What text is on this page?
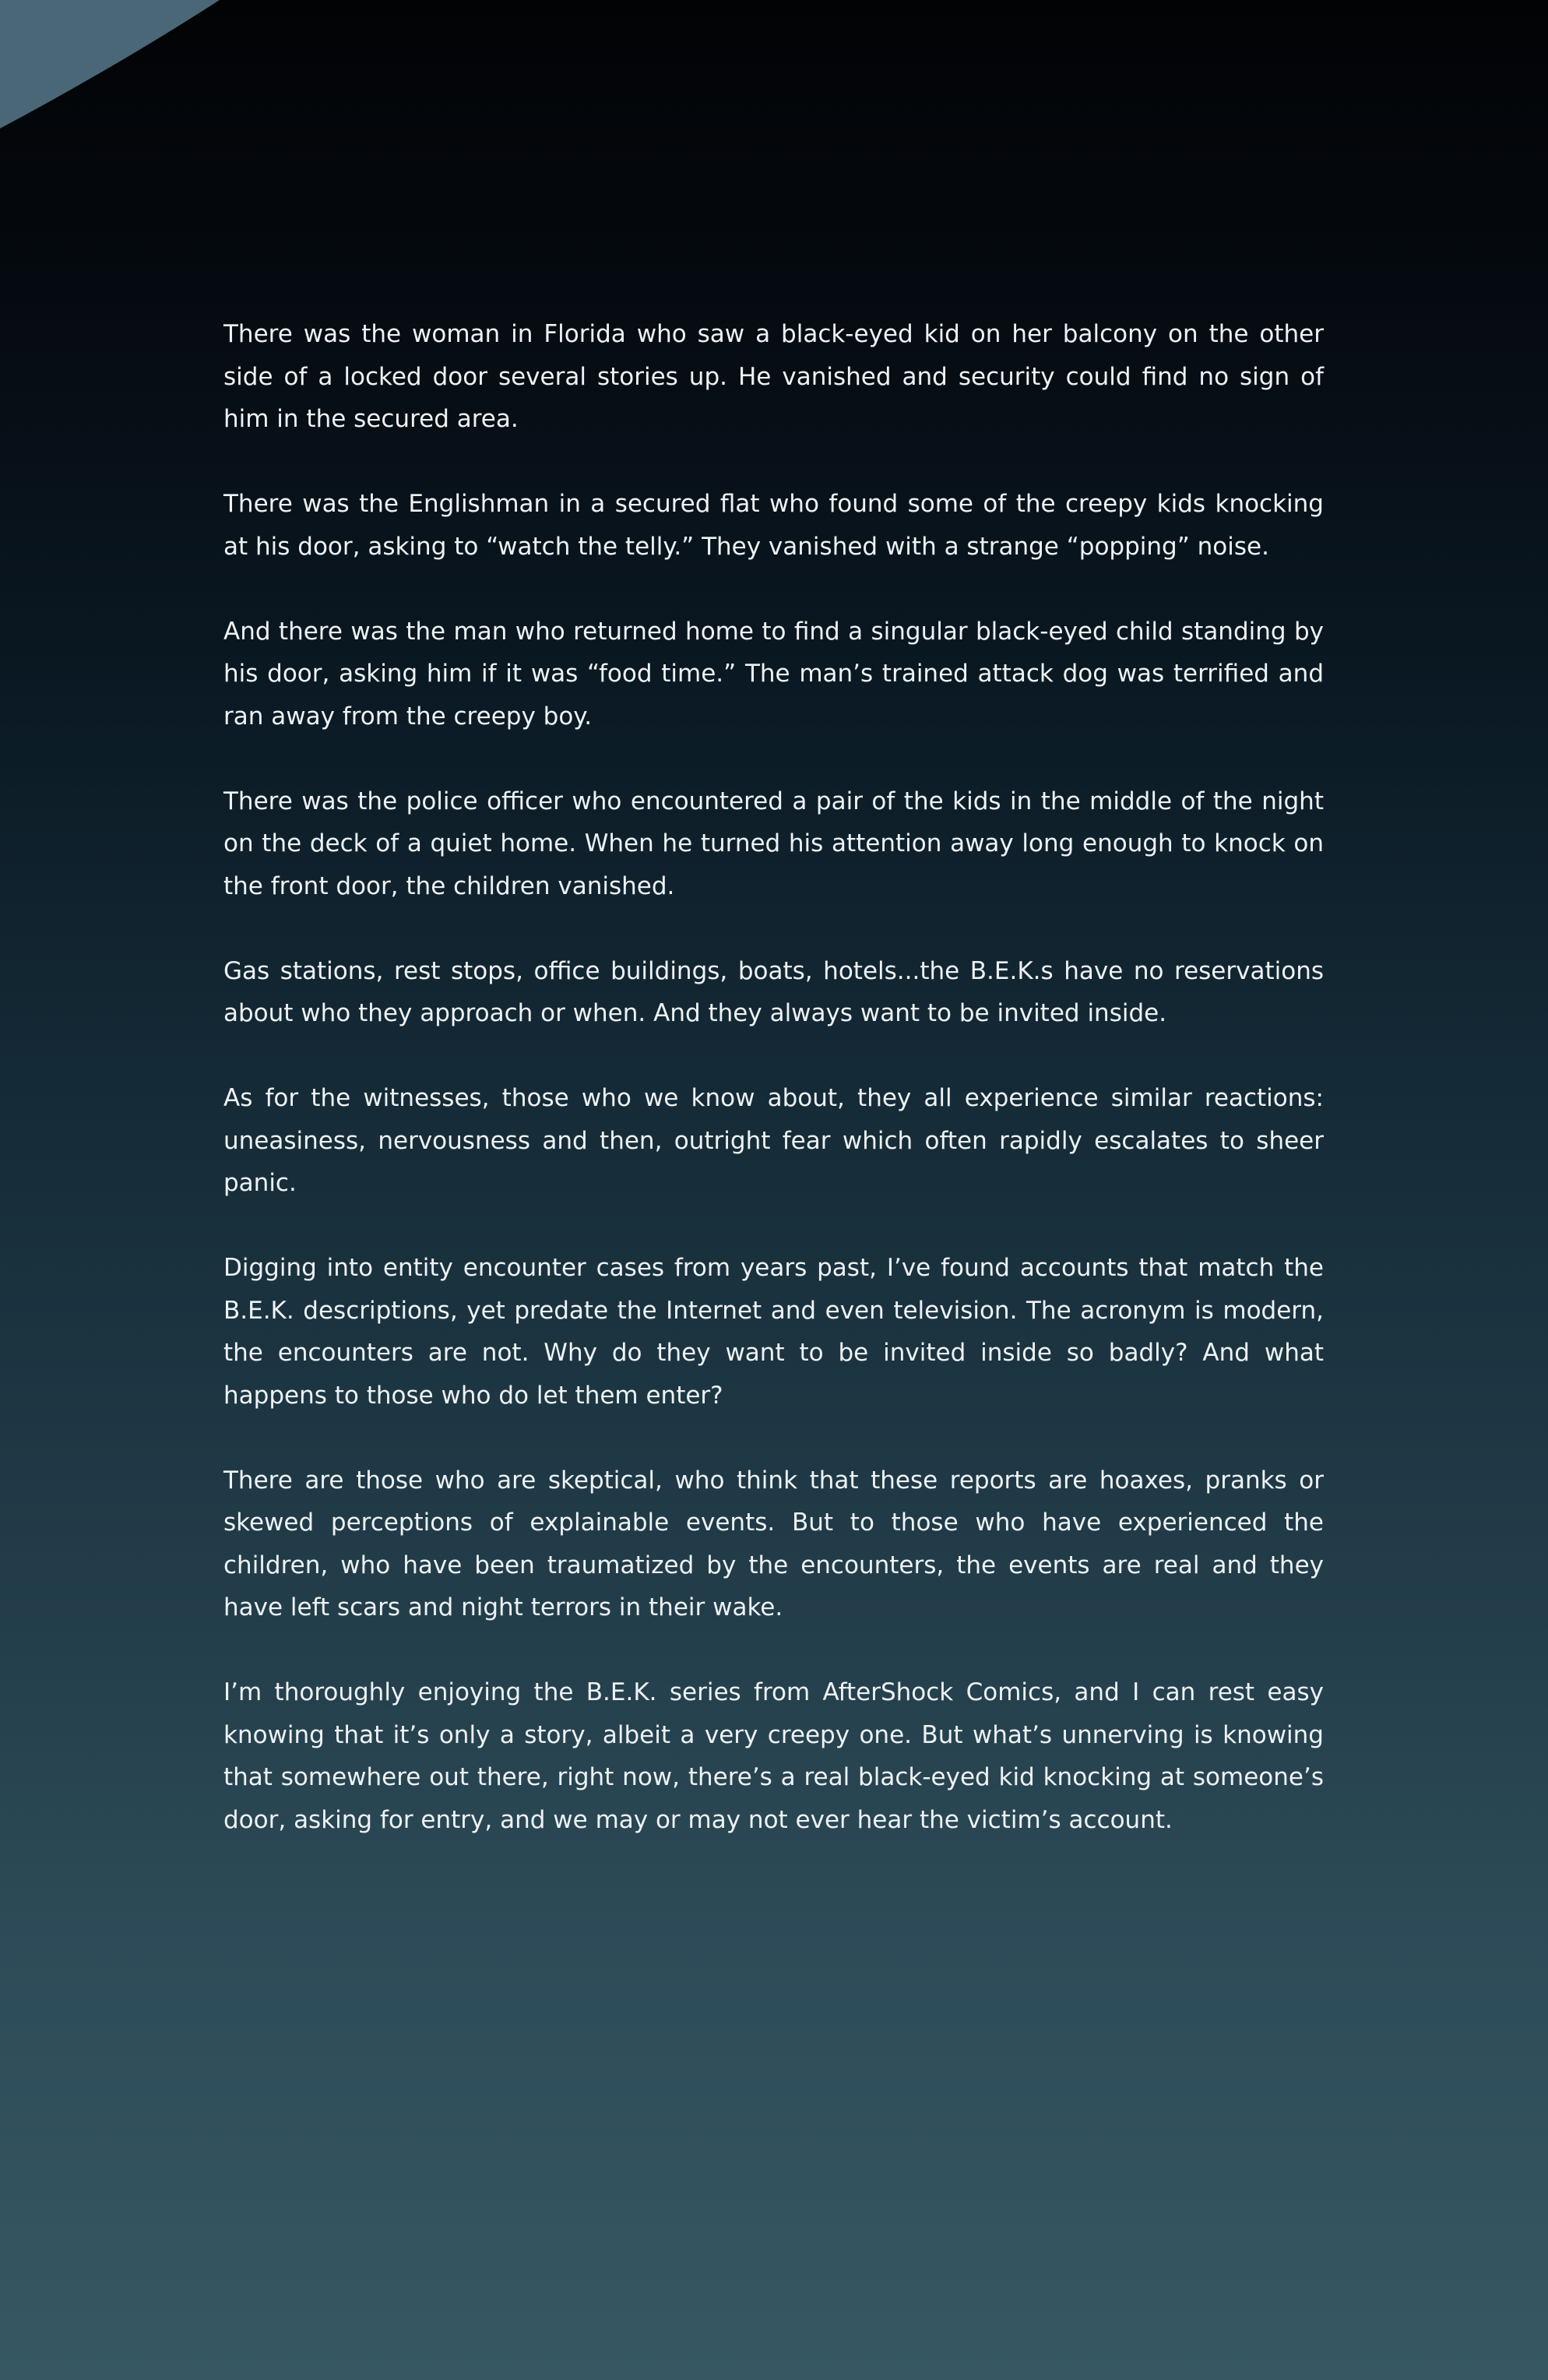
There was the woman in Florida who saw a black-eyed kid on her balcony on the other side of a locked door several stories up. He vanished and security could find no sign of him in the secured area.

There was the Englishman in a secured flat who found some of the creepy kids knocking at his door, asking to “watch the telly.” They vanished with a strange “popping” noise.

And there was the man who returned home to find a singular black-eyed child standing by his door, asking him if it was “food time.” The man’s trained attack dog was terrified and ran away from the creepy boy.

There was the police officer who encountered a pair of the kids in the middle of the night on the deck of a quiet home. When he turned his attention away long enough to knock on the front door, the children vanished.

Gas stations, rest stops, office buildings, boats, hotels...the B.E.K.s have no reservations about who they approach or when. And they always want to be invited inside.

As for the witnesses, those who we know about, they all experience similar reactions: uneasiness, nervousness and then, outright fear which often rapidly escalates to sheer panic.

Digging into entity encounter cases from years past, I’ve found accounts that match the B.E.K. descriptions, yet predate the Internet and even television. The acronym is modern, the encounters are not. Why do they want to be invited inside so badly? And what happens to those who do let them enter?

There are those who are skeptical, who think that these reports are hoaxes, pranks or skewed perceptions of explainable events. But to those who have experienced the children, who have been traumatized by the encounters, the events are real and they have left scars and night terrors in their wake.

I’m thoroughly enjoying the B.E.K. series from AfterShock Comics, and I can rest easy knowing that it’s only a story, albeit a very creepy one. But what’s unnerving is knowing that somewhere out there, right now, there’s a real black-eyed kid knocking at someone’s door, asking for entry, and we may or may not ever hear the victim’s account.
